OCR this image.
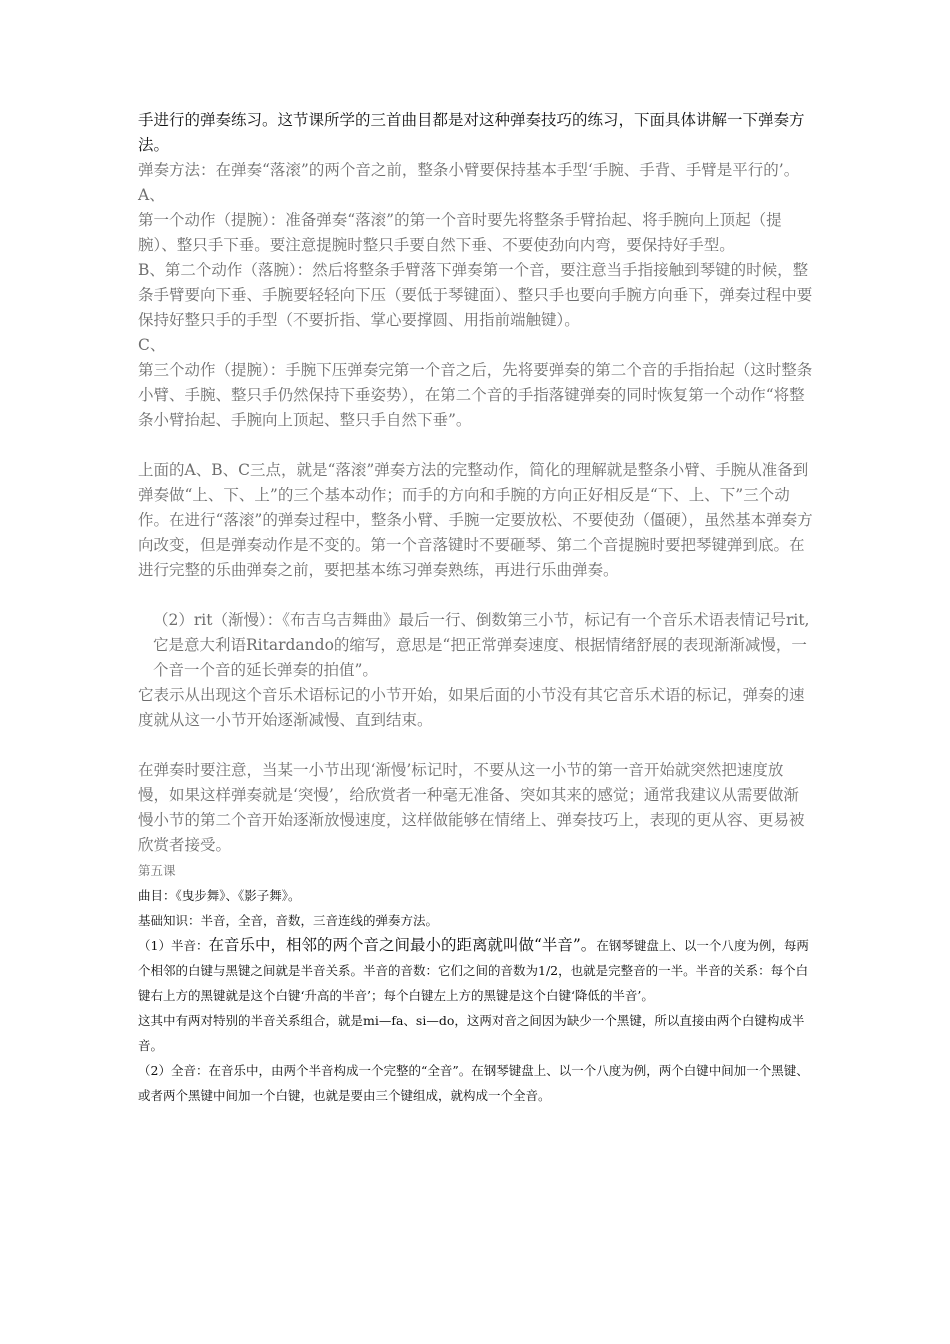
手进行的弹奏练习。这节课所学的三首曲目都是对这种弹奏技巧的练习，下面具体讲解一下弹奏方法。

弹奏方法：在弹奏“落滚”的两个音之前，整条小臂要保持基本手型‘手腕、手背、手臂是平行的’。

A、

第一个动作（提腕）：准备弹奏“落滚”的第一个音时要先将整条手臂抬起、将手腕向上顶起（提腕）、整只手下垂。要注意提腕时整只手要自然下垂、不要使劲向内弯，要保持好手型。

B、第二个动作（落腕）：然后将整条手臂落下弹奏第一个音，要注意当手指接触到琴键的时候，整条手臂要向下垂、手腕要轻轻向下压（要低于琴键面）、整只手也要向手腕方向垂下，弹奏过程中要保持好整只手的手型（不要折指、掌心要撑圆、用指前端触键）。

C、

第三个动作（提腕）：手腕下压弹奏完第一个音之后，先将要弹奏的第二个音的手指抬起（这时整条小臂、手腕、整只手仍然保持下垂姿势），在第二个音的手指落键弹奏的同时恢复第一个动作“将整条小臂抬起、手腕向上顶起、整只手自然下垂”。

上面的A、B、C三点，就是“落滚”弹奏方法的完整动作，简化的理解就是整条小臂、手腕从准备到弹奏做“上、下、上”的三个基本动作；而手的方向和手腕的方向正好相反是“下、上、下”三个动作。在进行“落滚”的弹奏过程中，整条小臂、手腕一定要放松、不要使劲（僵硬），虽然基本弹奏方向改变，但是弹奏动作是不变的。第一个音落键时不要砸琴、第二个音提腕时要把琴键弹到底。在进行完整的乐曲弹奏之前，要把基本练习弹奏熟练，再进行乐曲弹奏。

（2）rit（渐慢）：《布吉乌吉舞曲》最后一行、倒数第三小节，标记有一个音乐术语表情记号rit,它是意大利语Ritardando的缩写，意思是“把正常弹奏速度、根据情绪舒展的表现渐渐减慢，一个音一个音的延长弹奏的拍值”。

它表示从出现这个音乐术语标记的小节开始，如果后面的小节没有其它音乐术语的标记，弹奏的速度就从这一小节开始逐渐减慢、直到结束。

在弹奏时要注意，当某一小节出现‘渐慢’标记时，不要从这一小节的第一音开始就突然把速度放慢，如果这样弹奏就是‘突慢’，给欣赏者一种毫无准备、突如其来的感觉；通常我建议从需要做渐慢小节的第二个音开始逐渐放慢速度，这样做能够在情绪上、弹奏技巧上，表现的更从容、更易被欣赏者接受。

第五课

曲目：《曳步舞》、《影子舞》。

基础知识：半音，全音，音数，三音连线的弹奏方法。

（1）半音：在音乐中，相邻的两个音之间最小的距离就叫做“半音”。在钢琴键盘上、以一个八度为例，每两个相邻的白键与黑键之间就是半音关系。半音的音数：它们之间的音数为1/2，也就是完整音的一半。半音的关系：每个白键右上方的黑键就是这个白键‘升高的半音’；每个白键左上方的黑键是这个白键‘降低的半音’。

这其中有两对特别的半音关系组合，就是mi—fa、si—do，这两对音之间因为缺少一个黑键，所以直接由两个白键构成半音。

（2）全音：在音乐中，由两个半音构成一个完整的“全音”。在钢琴键盘上、以一个八度为例，两个白键中间加一个黑键、或者两个黑键中间加一个白键，也就是要由三个键组成，就构成一个全音。
